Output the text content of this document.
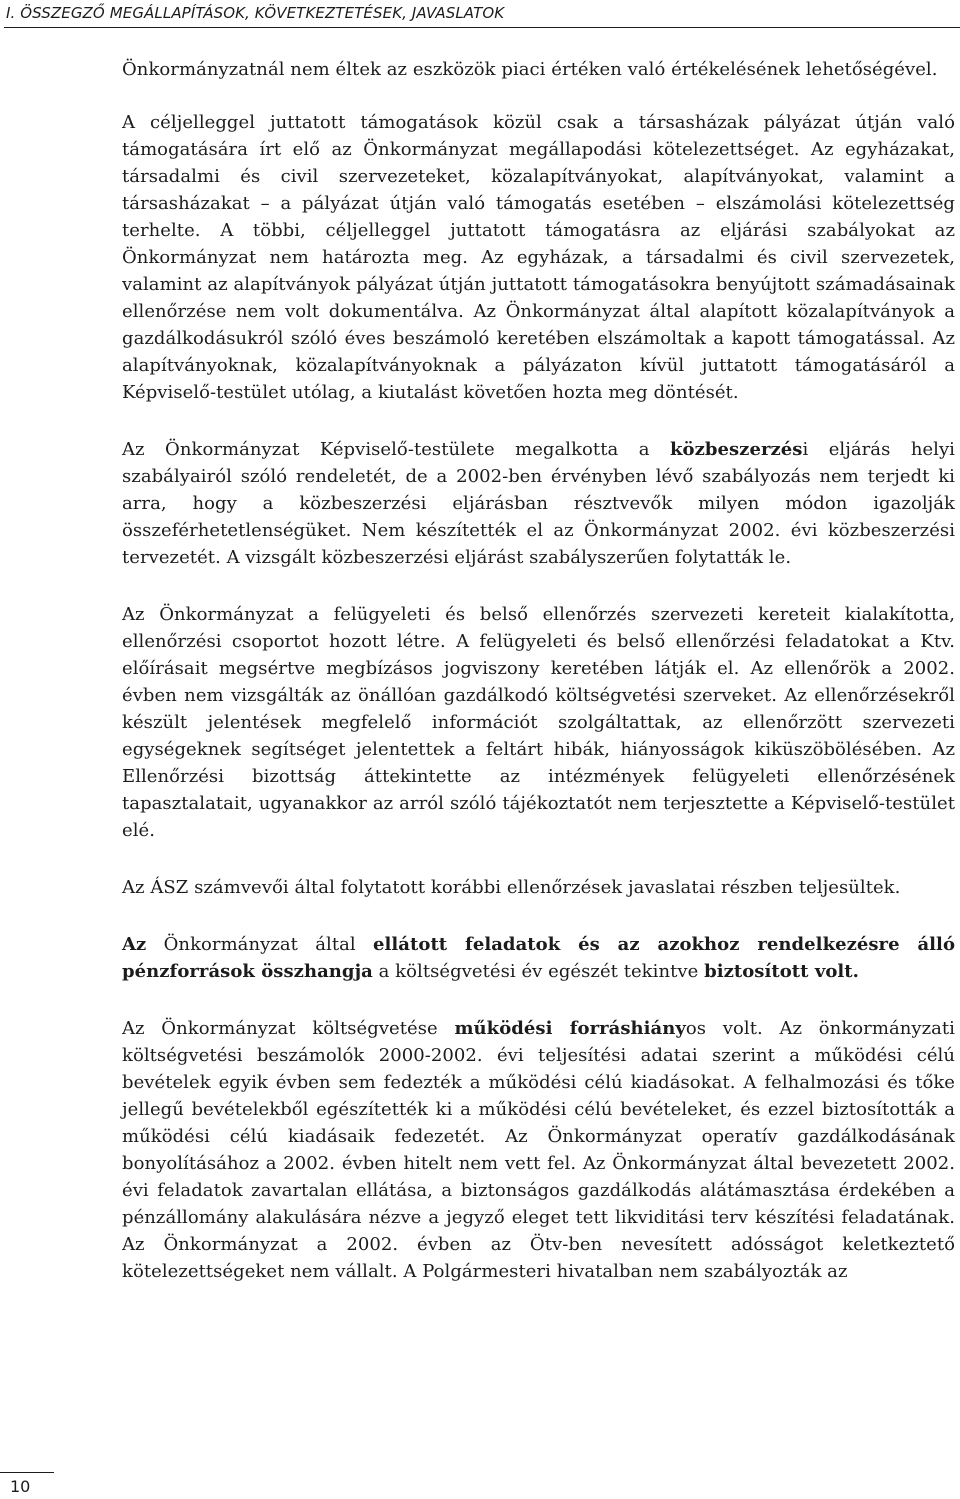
I. ÖSSZEGZŐ MEGÁLLAPÍTÁSOK, KÖVETKEZTETÉSEK, JAVASLATOK

Önkormányzatnál nem éltek az eszközök piaci értéken való értékelésének lehetőségével.

A céljelleggel juttatott támogatások közül csak a társasházak pályázat útján való támogatására írt elő az Önkormányzat megállapodási kötelezettséget. Az egyházakat, társadalmi és civil szervezeteket, közalapítványokat, alapítványokat, valamint a társasházakat – a pályázat útján való támogatás esetében – elszámolási kötelezettség terhelte. A többi, céljelleggel juttatott támogatásra az eljárási szabályokat az Önkormányzat nem határozta meg. Az egyházak, a társadalmi és civil szervezetek, valamint az alapítványok pályázat útján juttatott támogatásokra benyújtott számadásainak ellenőrzése nem volt dokumentálva. Az Önkormányzat által alapított közalapítványok a gazdálkodásukról szóló éves beszámoló keretében elszámoltak a kapott támogatással. Az alapítványoknak, közalapítványoknak a pályázaton kívül juttatott támogatásáról a Képviselő-testület utólag, a kiutalást követően hozta meg döntését.

Az Önkormányzat Képviselő-testülete megalkotta a közbeszerzési eljárás helyi szabályairól szóló rendeletét, de a 2002-ben érvényben lévő szabályozás nem terjedt ki arra, hogy a közbeszerzési eljárásban résztvevők milyen módon igazolják összeférhetetlenségüket. Nem készítették el az Önkormányzat 2002. évi közbeszerzési tervezetét. A vizsgált közbeszerzési eljárást szabályszerűen folytatták le.

Az Önkormányzat a felügyeleti és belső ellenőrzés szervezeti kereteit kialakította, ellenőrzési csoportot hozott létre. A felügyeleti és belső ellenőrzési feladatokat a Ktv. előírásait megsértve megbízásos jogviszony keretében látják el. Az ellenőrök a 2002. évben nem vizsgálták az önállóan gazdálkodó költségvetési szerveket. Az ellenőrzésekről készült jelentések megfelelő információt szolgáltattak, az ellenőrzött szervezeti egységeknek segítséget jelentettek a feltárt hibák, hiányosságok kiküszöbölésében. Az Ellenőrzési bizottság áttekintette az intézmények felügyeleti ellenőrzésének tapasztalatait, ugyanakkor az arról szóló tájékoztatót nem terjesztette a Képviselő-testület elé.

Az ÁSZ számvevői által folytatott korábbi ellenőrzések javaslatai részben teljesültek.

Az Önkormányzat által ellátott feladatok és az azokhoz rendelkezésre álló pénzforrások összhangja a költségvetési év egészét tekintve biztosított volt.

Az Önkormányzat költségvetése működési forráshiányos volt. Az önkormányzati költségvetési beszámolók 2000-2002. évi teljesítési adatai szerint a működési célú bevételek egyik évben sem fedezték a működési célú kiadásokat. A felhalmozási és tőke jellegű bevételekből egészítették ki a működési célú bevételeket, és ezzel biztosították a működési célú kiadásaik fedezetét. Az Önkormányzat operatív gazdálkodásának bonyolításához a 2002. évben hitelt nem vett fel. Az Önkormányzat által bevezetett 2002. évi feladatok zavartalan ellátása, a biztonságos gazdálkodás alátámasztása érdekében a pénzállomány alakulására nézve a jegyző eleget tett likviditási terv készítési feladatának. Az Önkormányzat a 2002. évben az Ötv-ben nevesített adósságot keletkeztető kötelezettségeket nem vállalt. A Polgármesteri hivatalban nem szabályozták az

10
